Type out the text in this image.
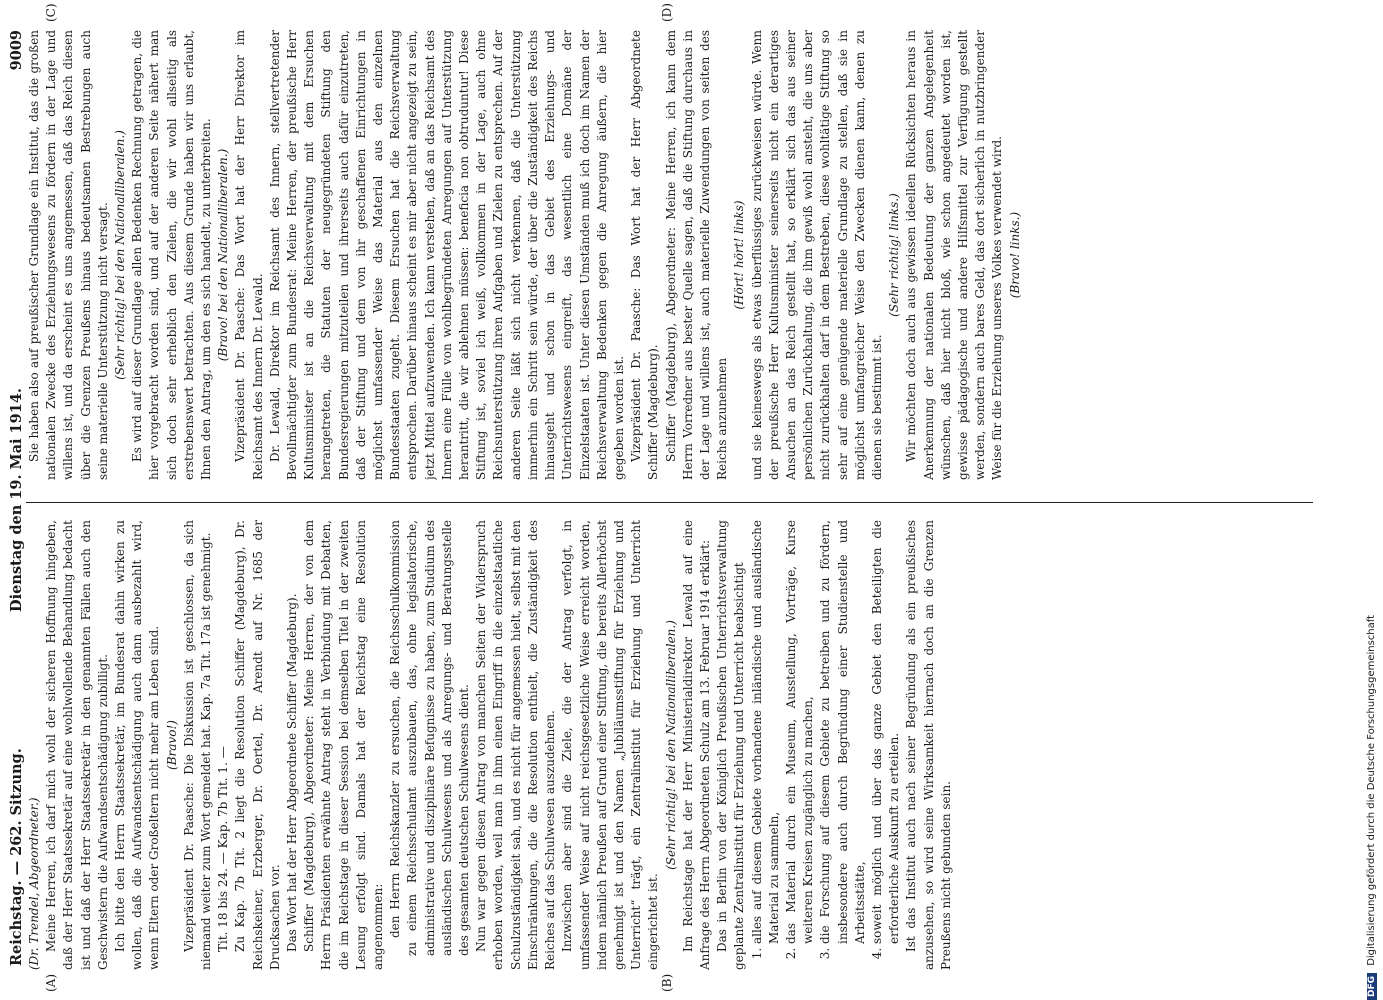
Reichstag. — 262. Sitzung.
Dienstag den 19. Mai 1914.
9009
(A)	(B)
(C)	(D)

(Dr. Trendel, Abgeordneter.) Meine Herren, ich darf mich wohl der sicheren Hoffnung hingeben, daß der Herr Staatssekretär auf eine wohlwollende Behandlung bedacht ist und daß der Herr Staatssekretär in den genannten Fällen auch den Geschwistern die Aufwandsentschädigung zubilligt. Ich bitte den Herrn Staatssekretär, im Bundesrat dahin wirken zu wollen, daß die Aufwandsentschädigung auch dann ausbezahlt wird, wenn Eltern oder Großeltern nicht mehr am Leben sind. (Bravo!) Vizepräsident Dr. Paasche: Die Diskussion ist geschlossen, da sich niemand weiter zum Wort gemeldet hat. Kap. 7a Tit. 17a ist genehmigt. Tit. 18 bis 24. — Kap. 7b Tit. 1. — Zu Kap. 7b Tit. 2 liegt die Resolution Schiffer (Magdeburg), Dr. Reichskeiner, Erzberger, Dr. Oertel, Dr. Arendt auf Nr. 1685 der Drucksachen vor. Das Wort hat der Herr Abgeordnete Schiffer (Magdeburg). Schiffer (Magdeburg), Abgeordneter: Meine Herren, der von dem Herrn Präsidenten erwähnte Antrag steht in Verbindung mit Debatten, die im Reichstage in dieser Session bei demselben Titel in der zweiten Lesung erfolgt sind. Damals hat der Reichstag eine Resolution angenommen: den Herrn Reichskanzler zu ersuchen, die Reichsschulkommission zu einem Reichsschulamt auszubauen, das, ohne legislatorische, administrative und disziplinäre Befugnisse zu haben, zum Studium des ausländischen Schulwesens und als Anregungs- und Beratungsstelle des gesamten deutschen Schulwesens dient. Nun war gegen diesen Antrag von manchen Seiten der Widerspruch erhoben worden, weil man in ihm einen Eingriff in die einzelstaatliche Schulzuständigkeit sah, und es nicht für angemessen hielt, selbst mit den Einschränkungen, die die Resolution enthielt, die Zuständigkeit des Reiches auf das Schulwesen auszudehnen. Inzwischen aber sind die Ziele, die der Antrag verfolgt, in umfassender Weise auf nicht reichsgesetzliche Weise erreicht worden, indem nämlich Preußen auf Grund einer Stiftung, die bereits Allerhöchst genehmigt ist und den Namen „Jubiläumsstiftung für Erziehung und Unterricht“ trägt, ein Zentralinstitut für Erziehung und Unterricht eingerichtet ist.

(Sehr richtig! bei den Nationalliberalen.) Im Reichstage hat der Herr Ministerialdirektor Lewald auf eine Anfrage des Herrn Abgeordneten Schulz am 13. Februar 1914 erklärt: Das in Berlin von der Königlich Preußischen Unterrichtsverwaltung geplante Zentralinstitut für Erziehung und Unterricht beabsichtigt 1. alles auf diesem Gebiete vorhandene inländische und ausländische Material zu sammeln, 2. das Material durch ein Museum, Ausstellung, Vorträge, Kurse weiteren Kreisen zugänglich zu machen, 3. die Forschung auf diesem Gebiete zu betreiben und zu fördern, insbesondere auch durch Begründung einer Studienstelle und Arbeitsstätte, 4. soweit möglich und über das ganze Gebiet den Beteiligten die erforderliche Auskunft zu erteilen. Ist das Institut auch nach seiner Begründung als ein preußisches anzusehen, so wird seine Wirksamkeit hiernach doch an die Grenzen Preußens nicht gebunden sein.

Sie haben also auf preußischer Grundlage ein Institut, das die großen nationalen Zwecke des Erziehungswesens zu fördern in der Lage und willens ist, und da erscheint es uns angemessen, daß das Reich diesen über die Grenzen Preußens hinaus bedeutsamen Bestrebungen auch seine materielle Unterstützung nicht versagt. (Sehr richtig! bei den Nationalliberalen.) Es wird auf dieser Grundlage allen Bedenken Rechnung getragen, die hier vorgebracht worden sind, und auf der anderen Seite nähert man sich doch sehr erheblich den Zielen, die wir wohl allseitig als erstrebenswert betrachten. Aus diesem Grunde haben wir uns erlaubt, Ihnen den Antrag, um den es sich handelt, zu unterbreiten. (Bravo! bei den Nationalliberalen.) Vizepräsident Dr. Paasche: Das Wort hat der Herr Direktor im Reichsamt des Innern Dr. Lewald. Dr. Lewald, Direktor im Reichsamt des Innern, stellvertretender Bevollmächtigter zum Bundesrat: Meine Herren, der preußische Herr Kultusminister ist an die Reichsverwaltung mit dem Ersuchen herangetreten, die Statuten der neugegründeten Stiftung den Bundesregierungen mitzuteilen und ihrerseits auch dafür einzutreten, daß der Stiftung und dem von ihr geschaffenen Einrichtungen in möglichst umfassender Weise das Material aus den einzelnen Bundesstaaten zugeht. Diesem Ersuchen hat die Reichsverwaltung entsprochen. Darüber hinaus scheint es mir aber nicht angezeigt zu sein, jetzt Mittel aufzuwenden. Ich kann verstehen, daß an das Reichsamt des Innern eine Fülle von wohlbegründeten Anregungen auf Unterstützung herantritt, die wir ablehnen müssen: beneficia non obtruduntur! Diese Stiftung ist, soviel ich weiß, vollkommen in der Lage, auch ohne Reichsunterstützung ihren Aufgaben und Zielen zu entsprechen. Auf der anderen Seite läßt sich nicht verkennen, daß die Unterstützung immerhin ein Schritt sein würde, der über die Zuständigkeit des Reichs hinausgeht und schon in das Gebiet des Erziehungs- und Unterrichtswesens eingreift, das wesentlich eine Domäne der Einzelstaaten ist. Unter diesen Umständen muß ich doch im Namen der Reichsverwaltung Bedenken gegen die Anregung äußern, die hier gegeben worden ist. Vizepräsident Dr. Paasche: Das Wort hat der Herr Abgeordnete Schiffer (Magdeburg). Schiffer (Magdeburg), Abgeordneter: Meine Herren, ich kann dem Herrn Vorredner aus bester Quelle sagen, daß die Stiftung durchaus in der Lage und willens ist, auch materielle Zuwendungen von seiten des Reichs anzunehmen

(Hört! hört! links) und sie keineswegs als etwas überflüssiges zurückweisen würde. Wenn der preußische Herr Kultusminister seinerseits nicht ein derartiges Ansuchen an das Reich gestellt hat, so erklärt sich das aus seiner persönlichen Zurückhaltung, die ihm gewiß wohl ansteht, die uns aber nicht zurückhalten darf in dem Bestreben, diese wohltätige Stiftung so sehr auf eine genügende materielle Grundlage zu stellen, daß sie in möglichst umfangreicher Weise den Zwecken dienen kann, denen zu dienen sie bestimmt ist.

(Sehr richtig! links.) Wir möchten doch auch aus gewissen ideellen Rücksichten heraus in Anerkennung der nationalen Bedeutung der ganzen Angelegenheit wünschen, daß hier nicht bloß, wie schon angedeutet worden ist, gewisse pädagogische und andere Hilfsmittel zur Verfügung gestellt werden, sondern auch bares Geld, das dort sicherlich in nutzbringender Weise für die Erziehung unseres Volkes verwendet wird. (Bravo! links.)

DFG Digitalisierung gefördert durch die Deutsche Forschungsgemeinschaft
